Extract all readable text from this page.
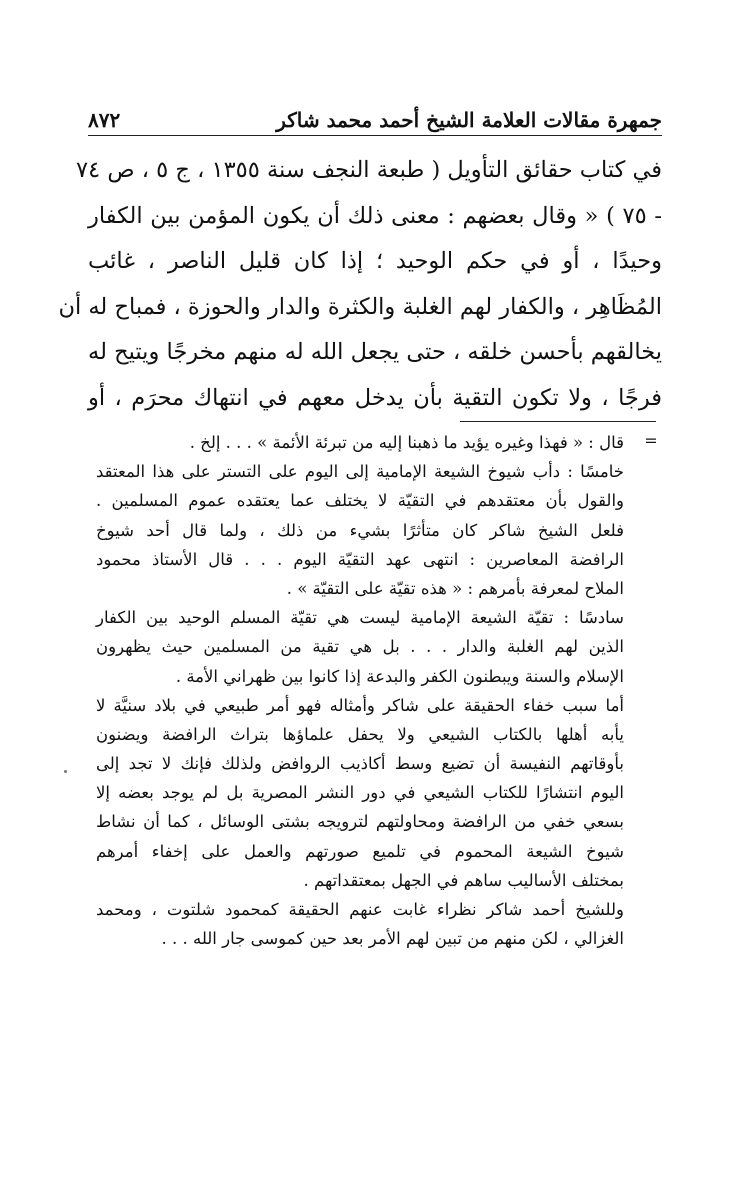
جمهرة مقالات العلامة الشيخ أحمد محمد شاكر
٨٧٢
في كتاب حقائق التأويل ( طبعة النجف سنة ١٣٥٥ ، ج ٥ ، ص ٧٤
- ٧٥ ) « وقال بعضهم : معنى ذلك أن يكون المؤمن بين الكفار
وحيدًا ، أو في حكم الوحيد ؛ إذا كان قليل الناصر ، غائب
المُظَاهِر ، والكفار لهم الغلبة والكثرة والدار والحوزة ، فمباح له أن
يخالقهم بأحسن خلقه ، حتى يجعل الله له منهم مخرجًا ويتيح له
فرجًا ، ولا تكون التقية بأن يدخل معهم في انتهاك محرَم ، أو
=
قال : « فهذا وغيره يؤيد ما ذهبنا إليه من تبرئة الأئمة » . . . إلخ .
خامسًا : دأب شيوخ الشيعة الإمامية إلى اليوم على التستر على هذا المعتقد
والقول بأن معتقدهم في التقيّة لا يختلف عما يعتقده عموم المسلمين .
فلعل الشيخ شاكر كان متأثرًا بشيء من ذلك ، ولما قال أحد شيوخ
الرافضة المعاصرين : انتهى عهد التقيّة اليوم . . . قال الأستاذ محمود
الملاح لمعرفة بأمرهم : « هذه تقيّة على التقيّة » .
سادسًا : تقيّة الشيعة الإمامية ليست هي تقيّة المسلم الوحيد بين الكفار
الذين لهم الغلبة والدار . . . بل هي تقية من المسلمين حيث يظهرون
الإسلام والسنة ويبطنون الكفر والبدعة إذا كانوا بين ظهراني الأمة .
أما سبب خفاء الحقيقة على شاكر وأمثاله فهو أمر طبيعي في بلاد سنيَّة لا
يأبه أهلها بالكتاب الشيعي ولا يحفل علماؤها بتراث الرافضة ويضنون
بأوقاتهم النفيسة أن تضيع وسط أكاذيب الروافض ولذلك فإنك لا تجد إلى
اليوم انتشارًا للكتاب الشيعي في دور النشر المصرية بل لم يوجد بعضه إلا
بسعي خفي من الرافضة ومحاولتهم لترويجه بشتى الوسائل ، كما أن نشاط
شيوخ الشيعة المحموم في تلميع صورتهم والعمل على إخفاء أمرهم
بمختلف الأساليب ساهم في الجهل بمعتقداتهم .
وللشيخ أحمد شاكر نظراء غابت عنهم الحقيقة كمحمود شلتوت ، ومحمد
الغزالي ، لكن منهم من تبين لهم الأمر بعد حين كموسى جار الله . . .
